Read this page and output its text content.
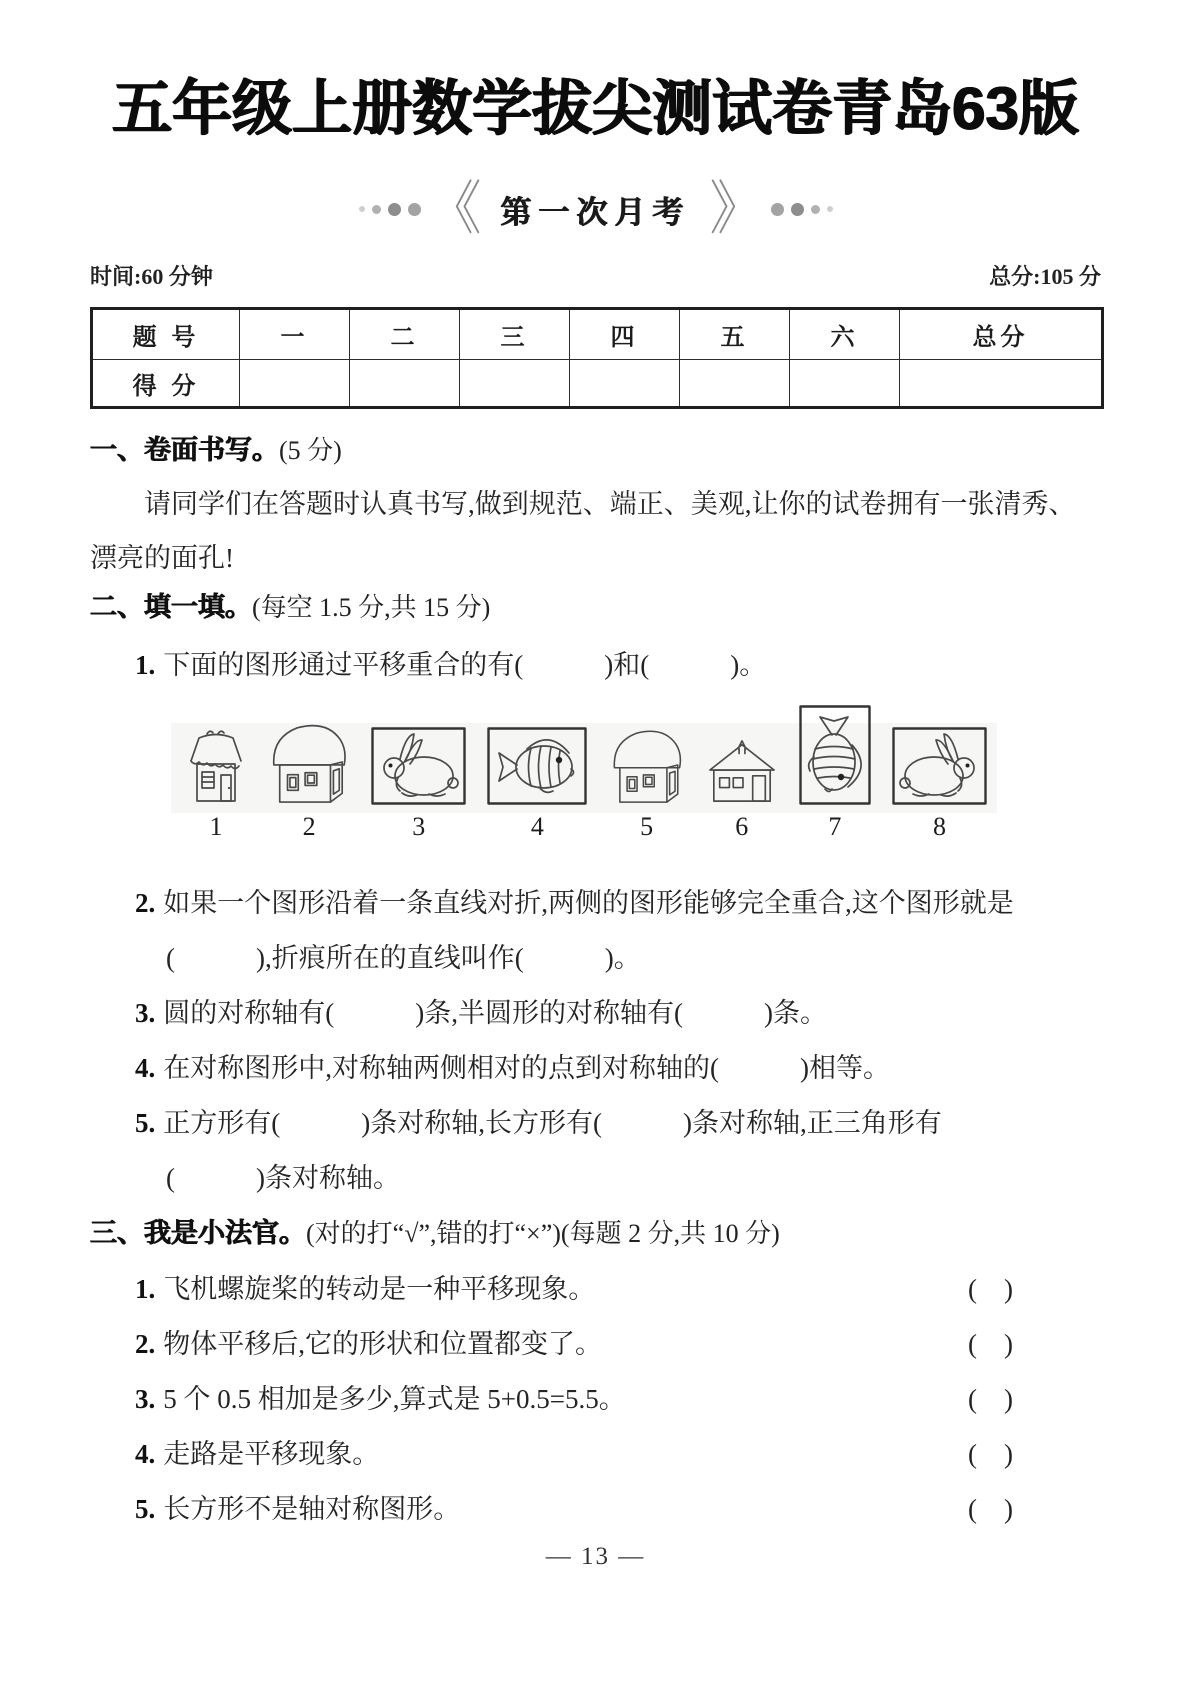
五年级上册数学拔尖测试卷青岛63版
《 第一次月考 》
时间:60 分钟	总分:105 分
题 号	一	二	三	四	五	六	总分
得 分							
一、卷面书写。(5 分)
请同学们在答题时认真书写,做到规范、端正、美观,让你的试卷拥有一张清秀、
漂亮的面孔!
二、填一填。(每空 1.5 分,共 15 分)
1. 下面的图形通过平移重合的有(　　　)和(　　　)。
1	2	3	4	5	6	7	8
2. 如果一个图形沿着一条直线对折,两侧的图形能够完全重合,这个图形就是
(　　　),折痕所在的直线叫作(　　　)。
3. 圆的对称轴有(　　　)条,半圆形的对称轴有(　　　)条。
4. 在对称图形中,对称轴两侧相对的点到对称轴的(　　　)相等。
5. 正方形有(　　　)条对称轴,长方形有(　　　)条对称轴,正三角形有
(　　　)条对称轴。
三、我是小法官。(对的打“√”,错的打“×”)(每题 2 分,共 10 分)
1. 飞机螺旋桨的转动是一种平移现象。	(　)
2. 物体平移后,它的形状和位置都变了。	(　)
3. 5 个 0.5 相加是多少,算式是 5+0.5=5.5。	(　)
4. 走路是平移现象。	(　)
5. 长方形不是轴对称图形。	(　)
— 13 —
